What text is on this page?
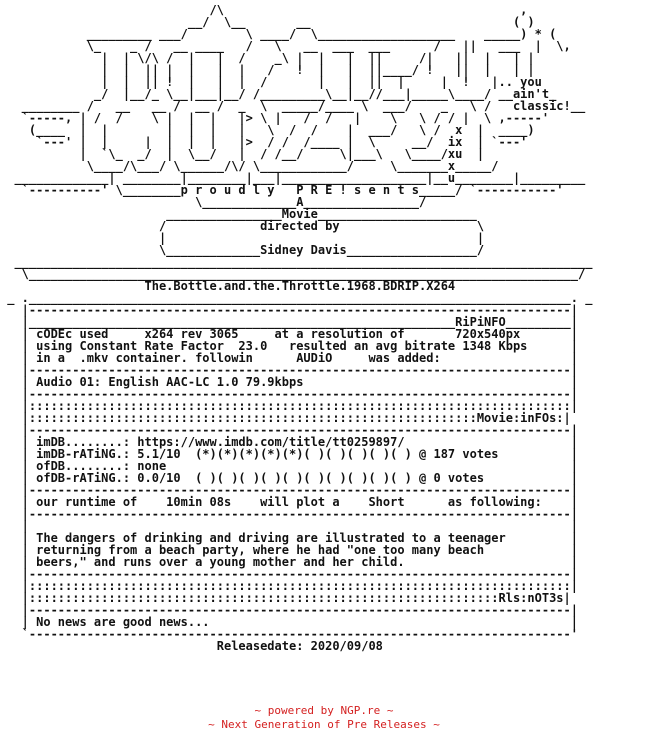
/\                                         ,
__/  \__       __                            ( )
_________ ___/        \ ____/  \___________________    _____) * (
\_    _ /   __ ____   /   \   __  ___  ___      /   ||   ___  |  \,
|  | \/\ /  |   |  /    _\ |  |   |  ||     /|   ||  |   | |
|  |  || |  |   |  |   /   !  |   |  ||____/ !   ||  |   | |
|  |  || !  |   |  |  /       |   |  ||  |     |  !   |.. you
_/  |__/_ \__|___|__/ /_________\__|__//___|_____\____/ __ain't_
________ /   __   __ /  __ /  _  \  _____/____ \  ___/    _   \ /   classic!__
`-----, | /  /    \ |  |  |   |> \ |   /  /   |    \   \ / / |  \ ,-----'
(____  |  |        |  |  |   |   \  /  /    |  ___/   \ /  x  |  ____)
`---' |  |     |  |  |  |   |>  / /  /____ |  \     __/  ix  | `---'
|  `\_  _/  |  \__/   |  / /__/     \|___\   \____/xu  |
\____/\___/ \______/\/ \____________/     \_______x_____/
_____________| ________|________|___|____________________|__u________|_________
`----------' \________p r o u d l y   P R E ! s e n t s_____/ `-----------'
\_____________A________________/
________________Movie______________________
/             directed by                   \
|                                           |
\_____________Sidney Davis__________________/
________________________________________________________________________________
\____________________________________________________________________________/
The.Bottle.and.the.Throttle.1968.BDRIP.X264
_ .___________________________________________________________________________. _
|---------------------------------------------------------------------------|
|___________________________________________________________RiPiNFO_________|
| cODEc used     x264 rev 3065     at a resolution of       720x540px       |
| using Constant Rate Factor  23.0   resulted an avg bitrate 1348 Kbps      |
| in a  .mkv container. followin      AUDiO     was added:                  |
|---------------------------------------------------------------------------|
| Audio 01: English AAC-LC 1.0 79.9kbps                                     |
|---------------------------------------------------------------------------|
|:::::::::::::::::::::::::::::::::::::::::::::::::::::::::::::::::::::::::::|
|::::::::::::::::::::::::::::::::::::::::::::::::::::::::::::::Movie:inFOs:|
|---------------------------------------------------------------------------|
| imDB........: https://www.imdb.com/title/tt0259897/                       |
| imDB-rATiNG.: 5.1/10  (*)(*)(*)(*)(*)( )( )( )( )( ) @ 187 votes          |
| ofDB........: none                                                        |
| ofDB-rATiNG.: 0.0/10  ( )( )( )( )( )( )( )( )( )( ) @ 0 votes            |
|---------------------------------------------------------------------------|
| our runtime of    10min 08s    will plot a    Short      as following:    |
|---------------------------------------------------------------------------|
|                                                                           |
| The dangers of drinking and driving are illustrated to a teenager         |
| returning from a beach party, where he had "one too many beach            |
| beers," and runs over a young mother and her child.                       |
|---------------------------------------------------------------------------|
|:::::::::::::::::::::::::::::::::::::::::::::::::::::::::::::::::::::::::::|
|:::::::::::::::::::::::::::::::::::::::::::::::::::::::::::::::::Rls:nOT3s|
|---------------------------------------------------------------------------|
| No news are good news...                                                  |
`---------------------------------------------------------------------------'
Releasedate: 2020/09/08
~ powered by NGP.re ~
~ Next Generation of Pre Releases ~
